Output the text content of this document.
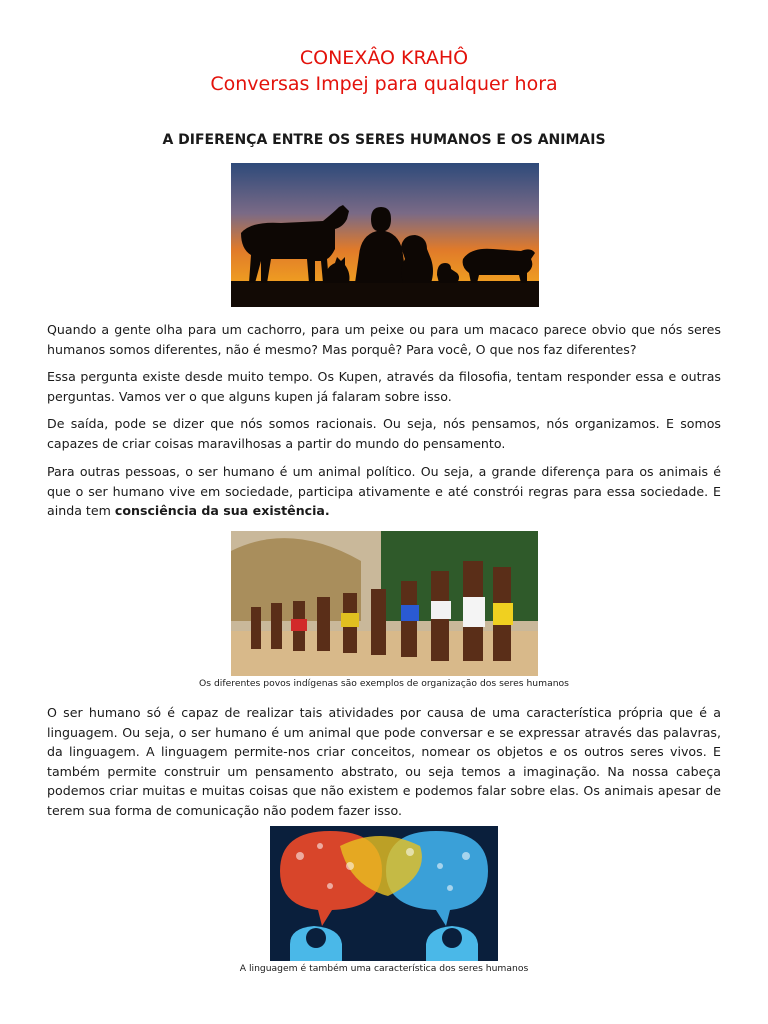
CONEXÂO KRAHÔ
Conversas Impej para qualquer hora
A DIFERENÇA ENTRE OS SERES HUMANOS E OS ANIMAIS

Quando a gente olha para um cachorro, para um peixe ou para um macaco parece obvio que nós seres humanos somos diferentes, não é mesmo? Mas porquê? Para você, O que nos faz diferentes?

Essa pergunta existe desde muito tempo. Os Kupen, através da filosofia, tentam responder essa e outras perguntas. Vamos ver o que alguns kupen já falaram sobre isso.

De saída, pode se dizer que nós somos racionais. Ou seja, nós pensamos, nós organizamos. E somos capazes de criar coisas maravilhosas a partir do mundo do pensamento.

Para outras pessoas, o ser humano é um animal político. Ou seja, a grande diferença para os animais é que o ser humano vive em sociedade, participa ativamente e até constrói regras para essa sociedade. E ainda tem consciência da sua existência.

Os diferentes povos indígenas são exemplos de organização dos seres humanos

O ser humano só é capaz de realizar tais atividades por causa de uma característica própria que é a linguagem. Ou seja, o ser humano é um animal que pode conversar e se expressar através das palavras, da linguagem. A linguagem permite-nos criar conceitos, nomear os objetos e os outros seres vivos. E também permite construir um pensamento abstrato, ou seja temos a imaginação. Na nossa cabeça podemos criar muitas e muitas coisas que não existem e podemos falar sobre elas. Os animais apesar de terem sua forma de comunicação não podem fazer isso.

A linguagem é também uma característica dos seres humanos
